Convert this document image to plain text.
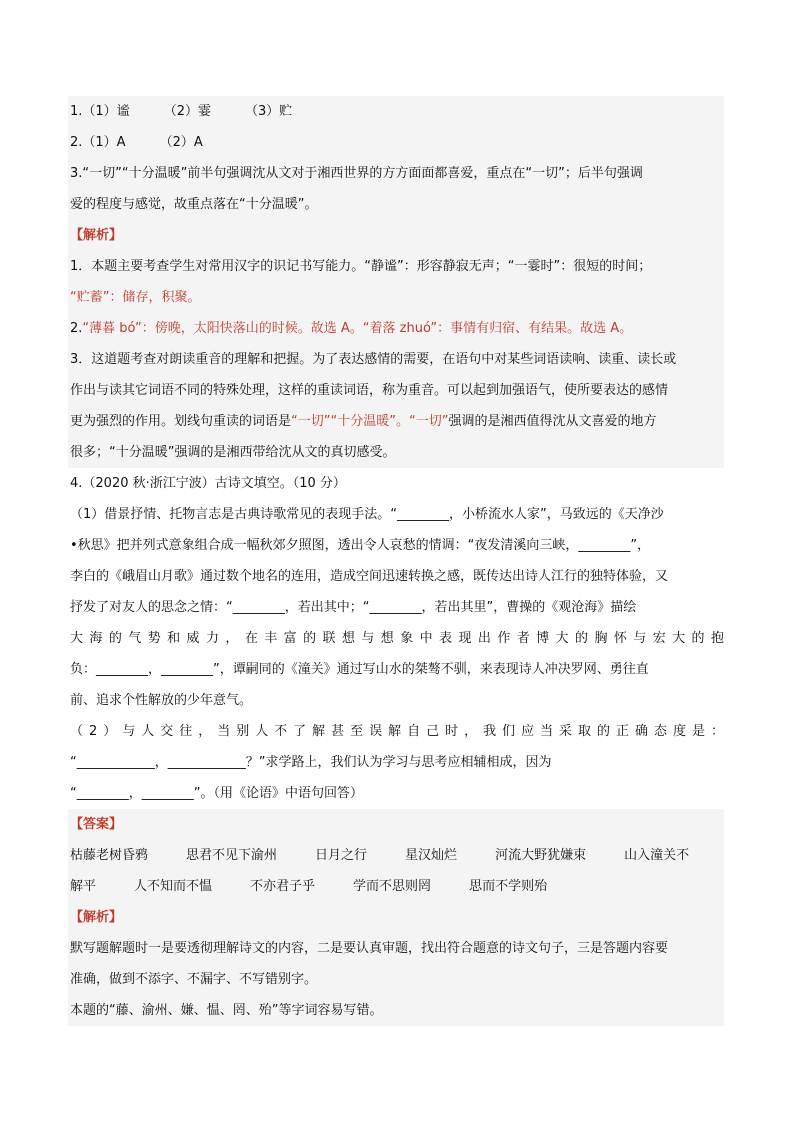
1.（1）谧	（2）霎	（3）贮
2.（1）A	（2）A
3.“一切”“十分温暖”前半句强调沈从文对于湘西世界的方方面面都喜爱，重点在“一切”；后半句强调
爱的程度与感觉，故重点落在“十分温暖”。
【解析】
1．本题主要考查学生对常用汉字的识记书写能力。“静谧”：形容静寂无声；“一霎时”：很短的时间；
“贮蓄”：储存，积聚。
2.“薄暮 bó”：傍晚，太阳快落山的时候。故选 A。“着落 zhuó”：事情有归宿、有结果。故选 A。
3．这道题考查对朗读重音的理解和把握。为了表达感情的需要，在语句中对某些词语读响、读重、读长或
作出与读其它词语不同的特殊处理，这样的重读词语，称为重音。可以起到加强语气，使所要表达的感情
更为强烈的作用。划线句重读的词语是“一切”“十分温暖”。“一切”强调的是湘西值得沈从文喜爱的地方
很多；“十分温暖”强调的是湘西带给沈从文的真切感受。
4.（2020 秋·浙江宁波）古诗文填空。（10 分）
（1）借景抒情、托物言志是古典诗歌常见的表现手法。“________，小桥流水人家”，马致远的《天净沙
•秋思》把并列式意象组合成一幅秋郊夕照图，透出令人哀愁的情调：“夜发清溪向三峡，________”，
李白的《峨眉山月歌》通过数个地名的连用，造成空间迅速转换之感，既传达出诗人江行的独特体验，又
抒发了对友人的思念之情：“________，若出其中；“________，若出其里”，曹操的《观沧海》描绘
大海的气势和威力，在丰富的联想与想象中表现出作者博大的胸怀与宏大的抱
负：________，________”，谭嗣同的《潼关》通过写山水的桀骜不驯，来表现诗人冲决罗网、勇往直
前、追求个性解放的少年意气。
（2）与人交往，当别人不了解甚至误解自己时，我们应当采取的正确态度是：
“____________，____________？”求学路上，我们认为学习与思考应相辅相成，因为
“________，________”。（用《论语》中语句回答）
【答案】
枯藤老树昏鸦	思君不见下渝州	日月之行	星汉灿烂	河流大野犹嫌束	山入潼关不
解平	人不知而不愠	不亦君子乎	学而不思则罔	思而不学则殆
【解析】
默写题解题时一是要透彻理解诗文的内容，二是要认真审题，找出符合题意的诗文句子，三是答题内容要
准确，做到不添字、不漏字、不写错别字。
本题的“藤、渝州、嫌、愠、罔、殆”等字词容易写错。
